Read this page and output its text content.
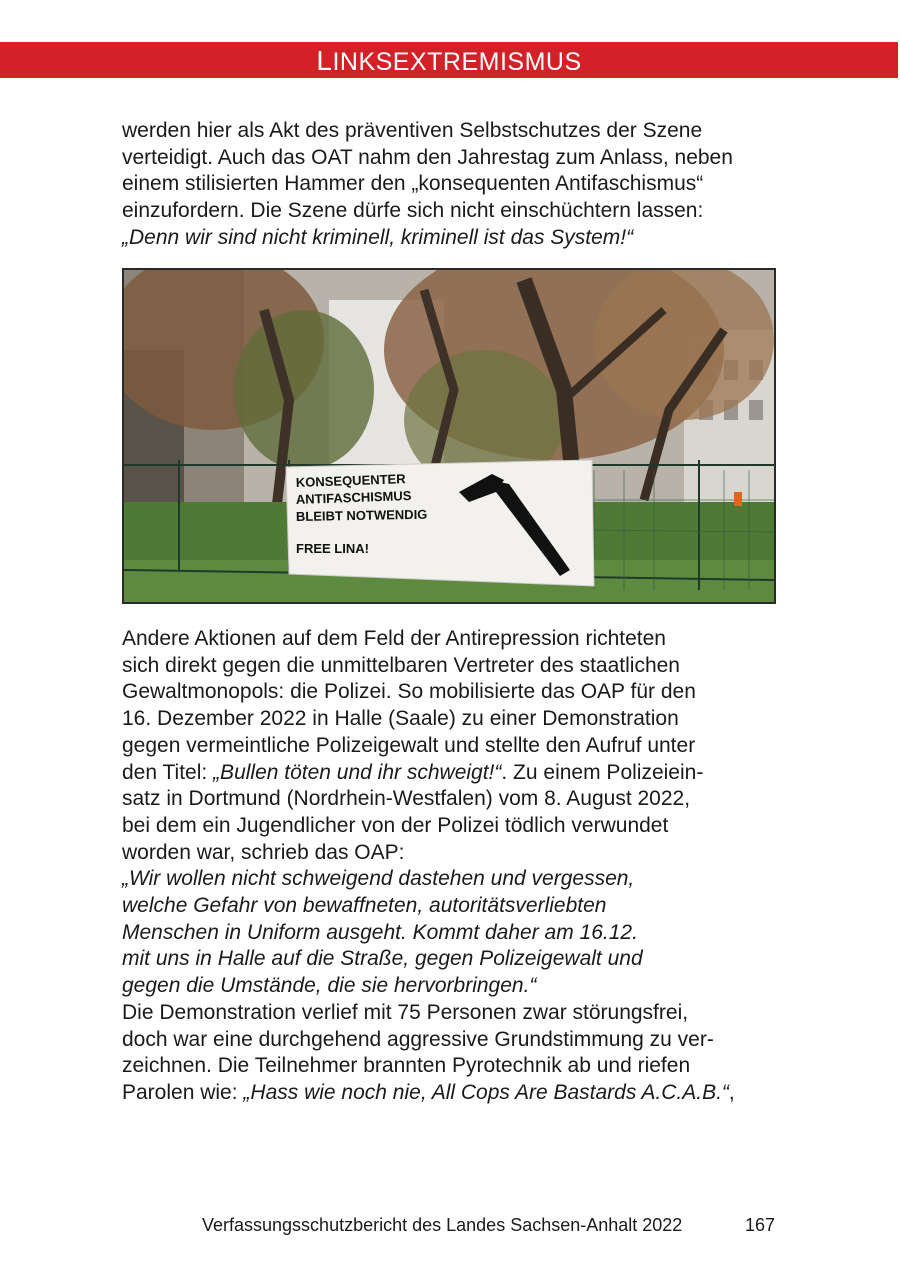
LINKSEXTREMISMUS

werden hier als Akt des präventiven Selbstschutzes der Szene

verteidigt. Auch das OAT nahm den Jahrestag zum Anlass, neben

einem stilisierten Hammer den „konsequenten Antifaschismus“

einzufordern. Die Szene dürfe sich nicht einschüchtern lassen:

„Denn wir sind nicht kriminell, kriminell ist das System!“

KONSEQUENTER
ANTIFASCHISMUS
BLEIBT NOTWENDIG
FREE LINA!

Andere Aktionen auf dem Feld der Antirepression richteten

sich direkt gegen die unmittelbaren Vertreter des staatlichen

Gewaltmonopols: die Polizei. So mobilisierte das OAP für den

16. Dezember 2022 in Halle (Saale) zu einer Demonstration

gegen vermeintliche Polizeigewalt und stellte den Aufruf unter

den Titel: „Bullen töten und ihr schweigt!“. Zu einem Polizeiein-

satz in Dortmund (Nordrhein-Westfalen) vom 8. August 2022,

bei dem ein Jugendlicher von der Polizei tödlich verwundet

worden war, schrieb das OAP:

„Wir wollen nicht schweigend dastehen und vergessen,

welche Gefahr von bewaffneten, autoritätsverliebten

Menschen in Uniform ausgeht. Kommt daher am 16.12.

mit uns in Halle auf die Straße, gegen Polizeigewalt und

gegen die Umstände, die sie hervorbringen.“

Die Demonstration verlief mit 75 Personen zwar störungsfrei,

doch war eine durchgehend aggressive Grundstimmung zu ver-

zeichnen. Die Teilnehmer brannten Pyrotechnik ab und riefen

Parolen wie: „Hass wie noch nie, All Cops Are Bastards A.C.A.B.“,

Verfassungsschutzbericht des Landes Sachsen-Anhalt 2022	167
